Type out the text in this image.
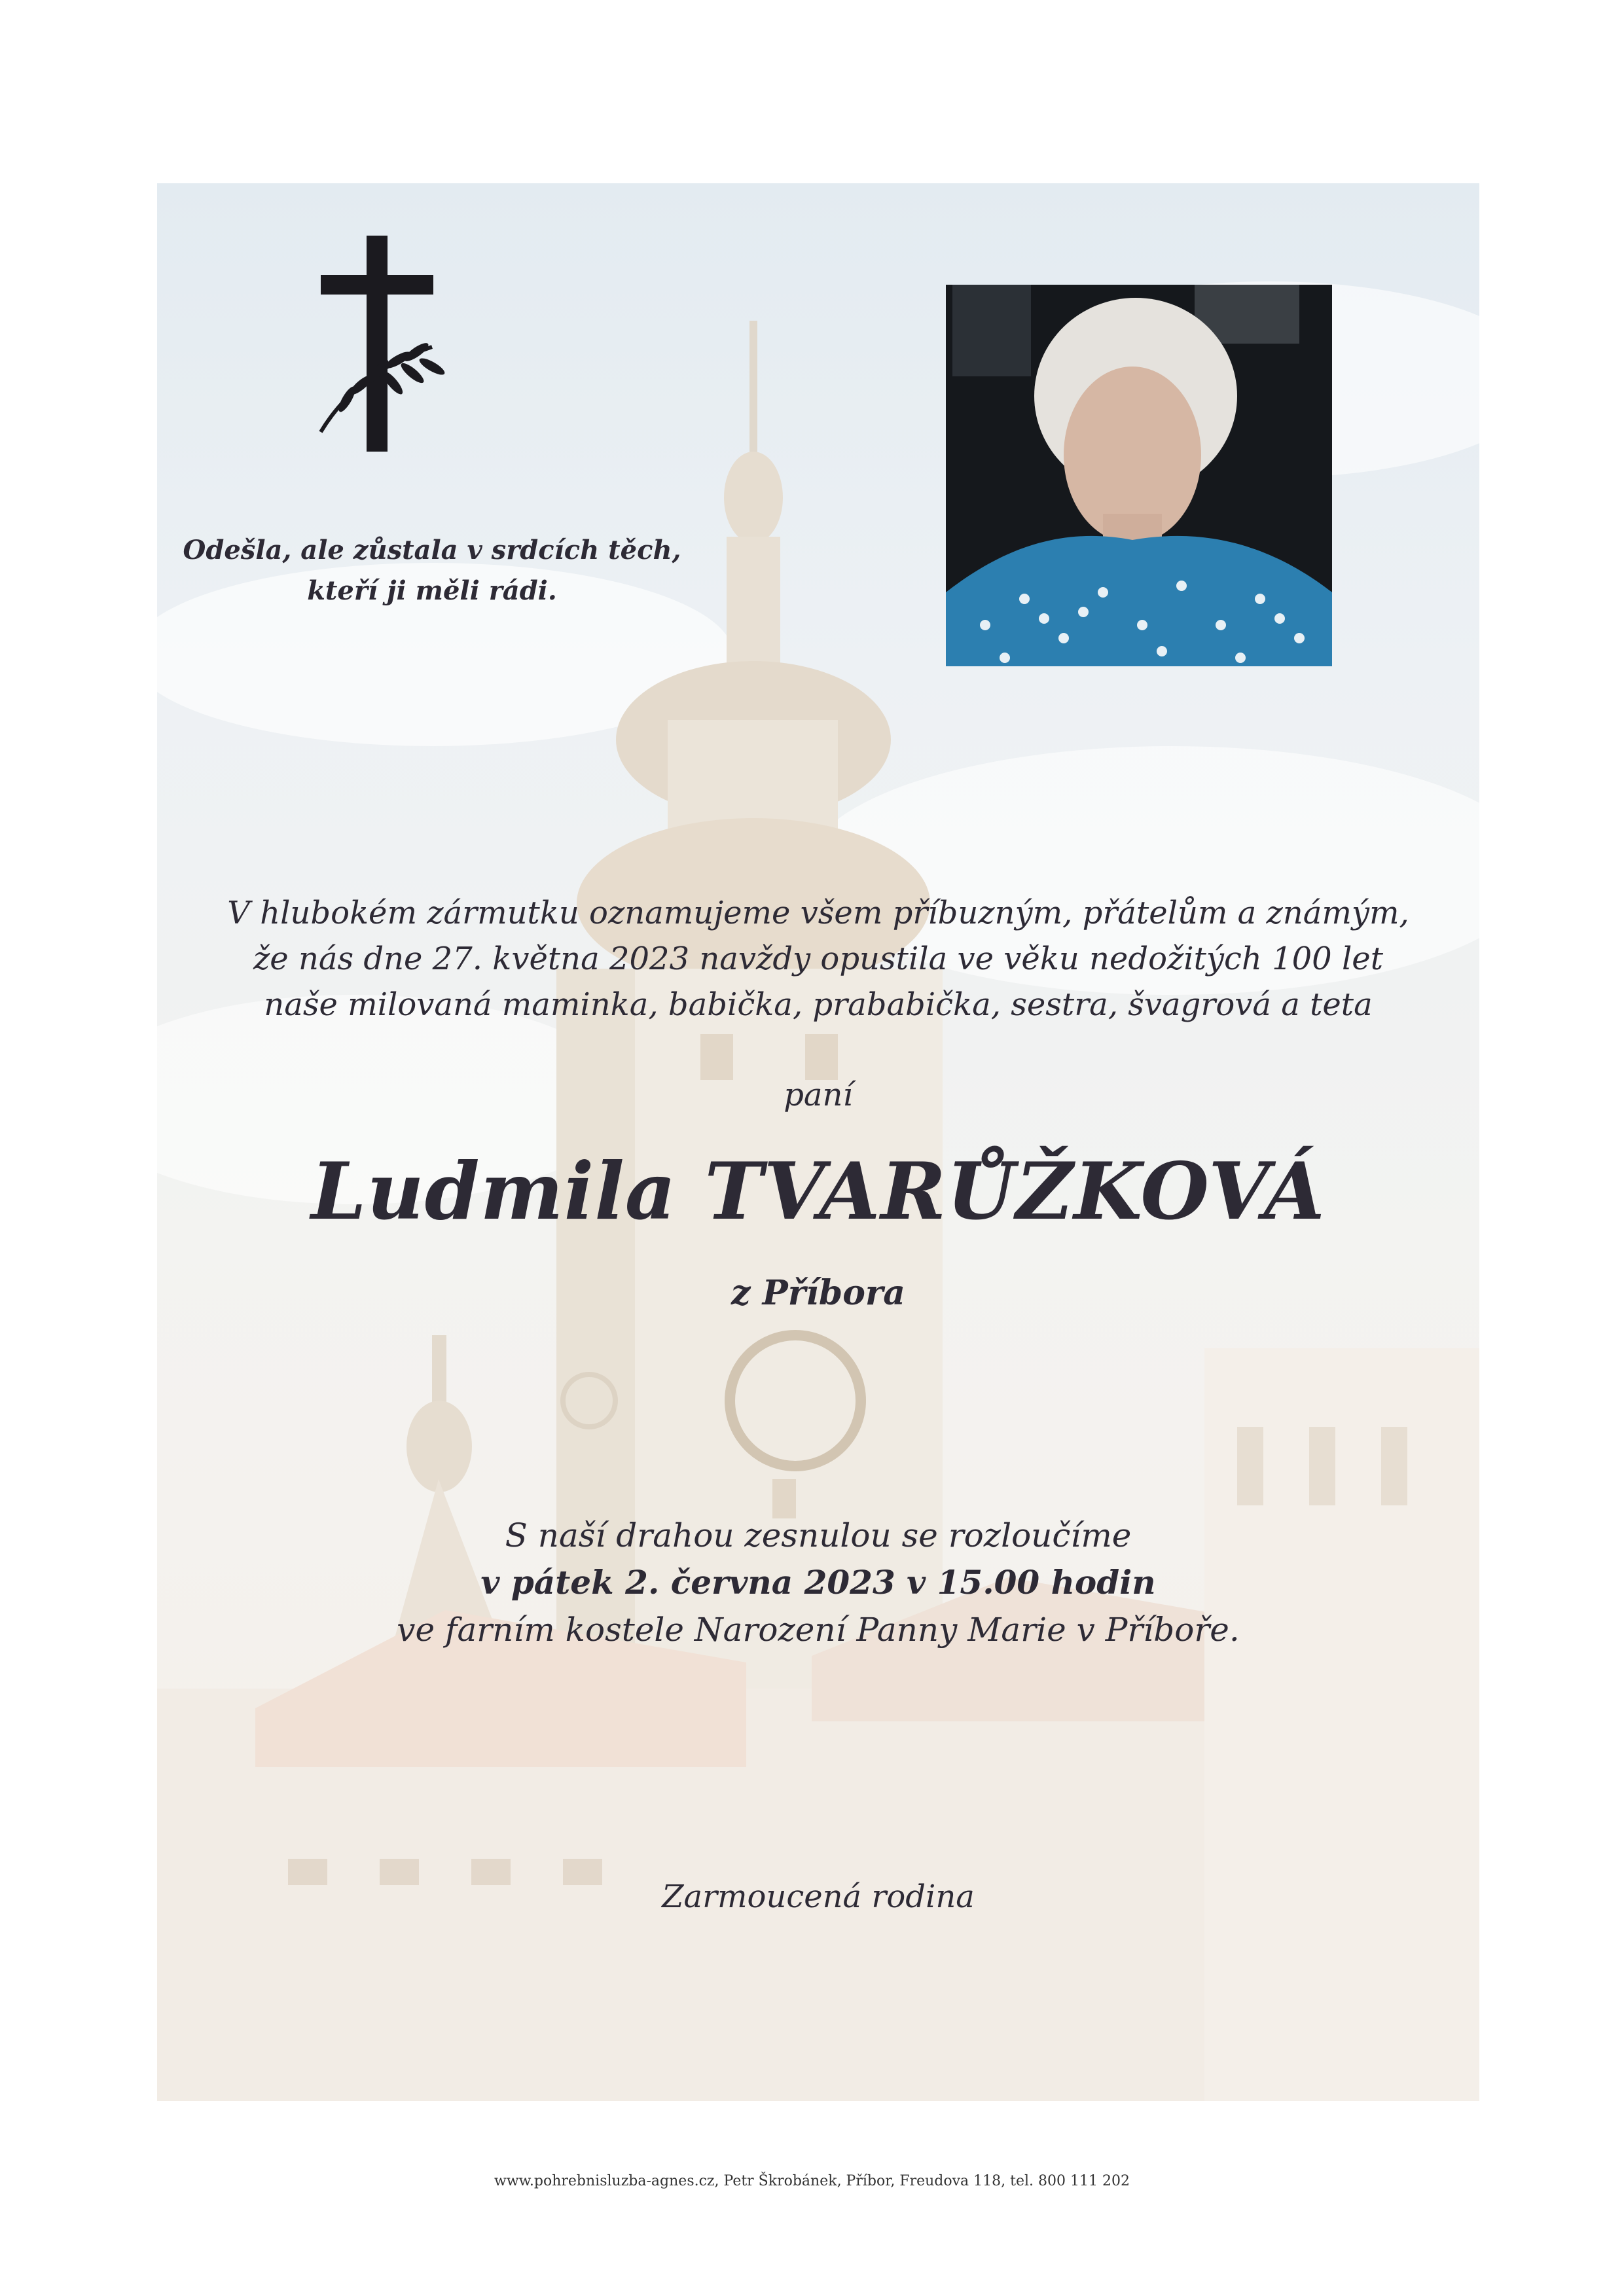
Odešla, ale zůstala v srdcích těch,
kteří ji měli rádi.
V hlubokém zármutku oznamujeme všem příbuzným, přátelům a známým,
že nás dne 27. května 2023 navždy opustila ve věku nedožitých 100 let
naše milovaná maminka, babička, prababička, sestra, švagrová a teta
paní
Ludmila TVARŮŽKOVÁ
z Příbora
S naší drahou zesnulou se rozloučíme
v pátek 2. června 2023 v 15.00 hodin
ve farním kostele Narození Panny Marie v Příboře.
Zarmoucená rodina
www.pohrebnisluzba-agnes.cz, Petr Škrobánek, Příbor, Freudova 118, tel. 800 111 202
